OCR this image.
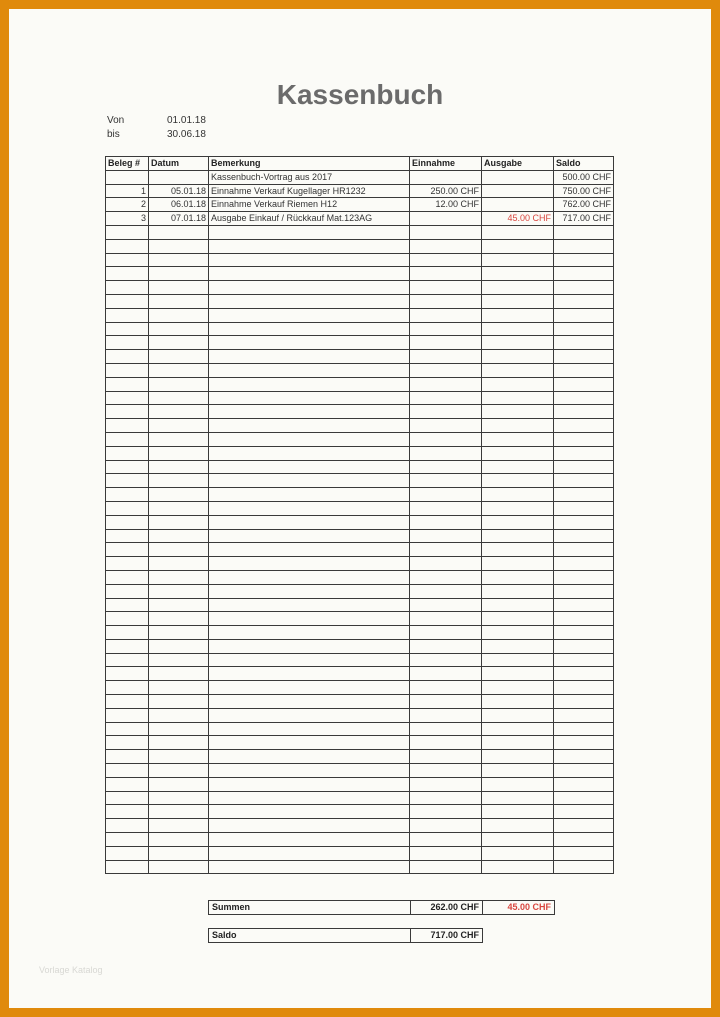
Kassenbuch
Von	01.01.18
bis	30.06.18
Beleg #	Datum	Bemerkung	Einnahme	Ausgabe	Saldo
		Kassenbuch-Vortrag aus 2017			500.00 CHF
1	05.01.18	Einnahme Verkauf Kugellager HR1232	250.00 CHF		750.00 CHF
2	06.01.18	Einnahme Verkauf Riemen H12	12.00 CHF		762.00 CHF
3	07.01.18	Ausgabe Einkauf / Rückkauf Mat.123AG		45.00 CHF	717.00 CHF

Summen	262.00 CHF	45.00 CHF
Saldo	717.00 CHF
Vorlage Katalog
